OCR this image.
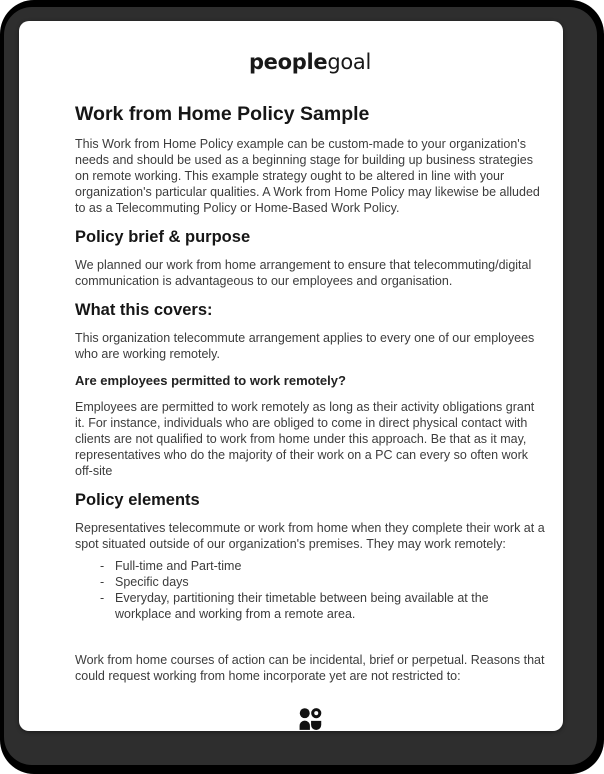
peoplegoal
Work from Home Policy Sample

This Work from Home Policy example can be custom-made to your organization's needs and should be used as a beginning stage for building up business strategies on remote working. This example strategy ought to be altered in line with your organization's particular qualities. A Work from Home Policy may likewise be alluded to as a Telecommuting Policy or Home-Based Work Policy.

Policy brief & purpose

We planned our work from home arrangement to ensure that telecommuting/digital communication is advantageous to our employees and organisation.

What this covers:

This organization telecommute arrangement applies to every one of our employees who are working remotely.

Are employees permitted to work remotely?

Employees are permitted to work remotely as long as their activity obligations grant it. For instance, individuals who are obliged to come in direct physical contact with clients are not qualified to work from home under this approach. Be that as it may, representatives who do the majority of their work on a PC can every so often work off-site

Policy elements

Representatives telecommute or work from home when they complete their work at a spot situated outside of our organization's premises. They may work remotely:

- Full-time and Part-time
- Specific days
- Everyday, partitioning their timetable between being available at the workplace and working from a remote area.

Work from home courses of action can be incidental, brief or perpetual. Reasons that could request working from home incorporate yet are not restricted to:
